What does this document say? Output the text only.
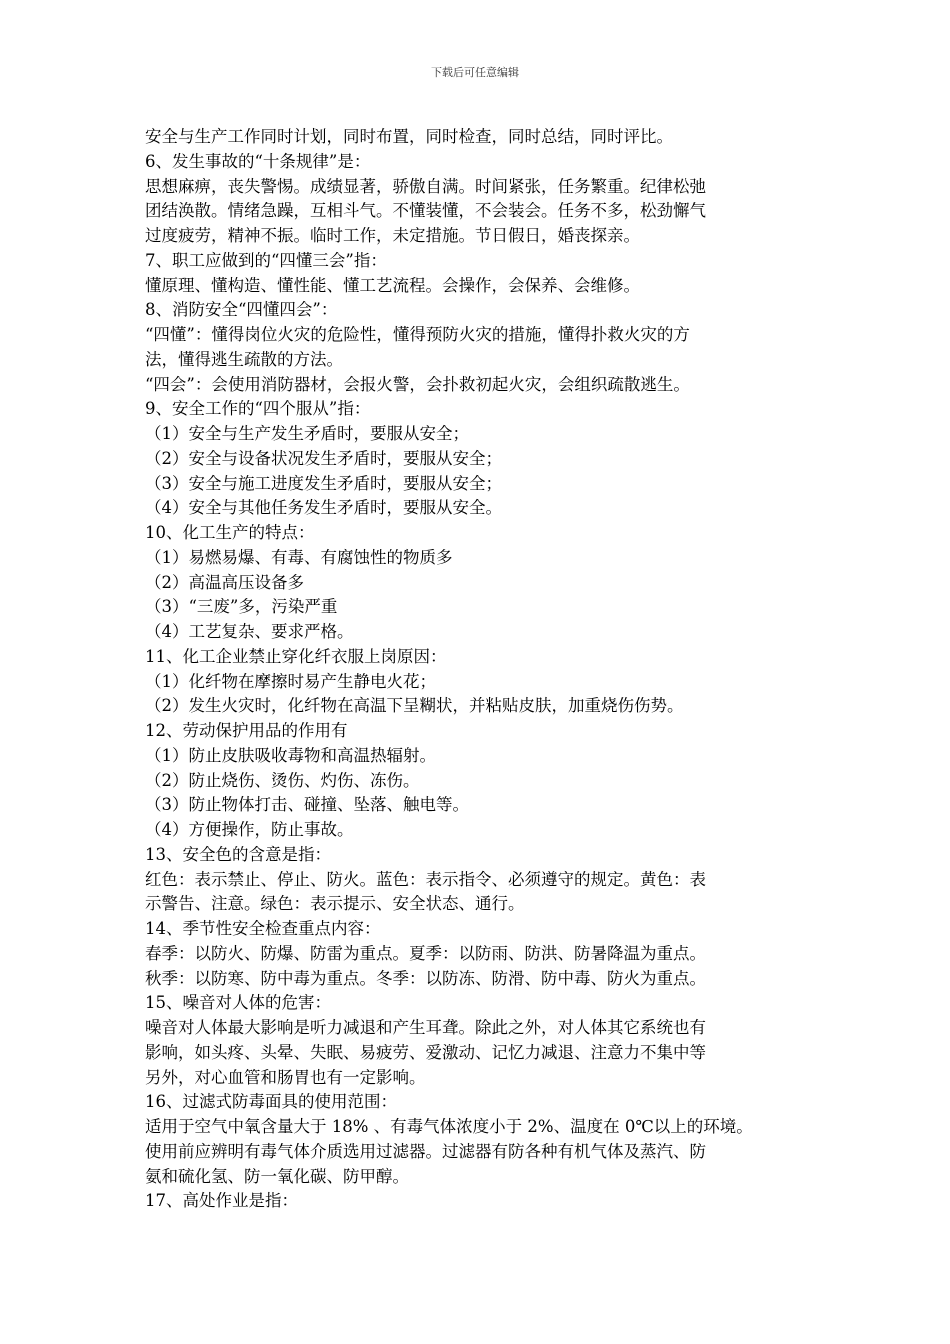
下载后可任意编辑
安全与生产工作同时计划，同时布置，同时检查，同时总结，同时评比。
6、发生事故的“十条规律”是：
思想麻痹，丧失警惕。成绩显著，骄傲自满。时间紧张，任务繁重。纪律松弛
团结涣散。情绪急躁，互相斗气。不懂装懂，不会装会。任务不多，松劲懈气
过度疲劳，精神不振。临时工作，未定措施。节日假日，婚丧探亲。
7、职工应做到的“四懂三会”指：
懂原理、懂构造、懂性能、懂工艺流程。会操作，会保养、会维修。
8、消防安全“四懂四会”：
“四懂”：懂得岗位火灾的危险性，懂得预防火灾的措施，懂得扑救火灾的方
法，懂得逃生疏散的方法。
“四会”：会使用消防器材，会报火警，会扑救初起火灾，会组织疏散逃生。
9、安全工作的“四个服从”指：
（1）安全与生产发生矛盾时，要服从安全；
（2）安全与设备状况发生矛盾时，要服从安全；
（3）安全与施工进度发生矛盾时，要服从安全；
（4）安全与其他任务发生矛盾时，要服从安全。
10、化工生产的特点：
（1）易燃易爆、有毒、有腐蚀性的物质多
（2）高温高压设备多
（3）“三废”多，污染严重
（4）工艺复杂、要求严格。
11、化工企业禁止穿化纤衣服上岗原因：
（1）化纤物在摩擦时易产生静电火花；
（2）发生火灾时，化纤物在高温下呈糊状，并粘贴皮肤，加重烧伤伤势。
12、劳动保护用品的作用有
（1）防止皮肤吸收毒物和高温热辐射。
（2）防止烧伤、烫伤、灼伤、冻伤。
（3）防止物体打击、碰撞、坠落、触电等。
（4）方便操作，防止事故。
13、安全色的含意是指：
红色：表示禁止、停止、防火。蓝色：表示指令、必须遵守的规定。黄色：表
示警告、注意。绿色：表示提示、安全状态、通行。
14、季节性安全检查重点内容：
春季：以防火、防爆、防雷为重点。夏季：以防雨、防洪、防暑降温为重点。
秋季：以防寒、防中毒为重点。冬季：以防冻、防滑、防中毒、防火为重点。
15、噪音对人体的危害：
噪音对人体最大影响是听力减退和产生耳聋。除此之外，对人体其它系统也有
影响，如头疼、头晕、失眠、易疲劳、爱激动、记忆力减退、注意力不集中等
另外，对心血管和肠胃也有一定影响。
16、过滤式防毒面具的使用范围：
适用于空气中氧含量大于 18% 、有毒气体浓度小于 2%、温度在 0℃以上的环境。
使用前应辨明有毒气体介质选用过滤器。过滤器有防各种有机气体及蒸汽、防
氨和硫化氢、防一氧化碳、防甲醇。
17、高处作业是指：
